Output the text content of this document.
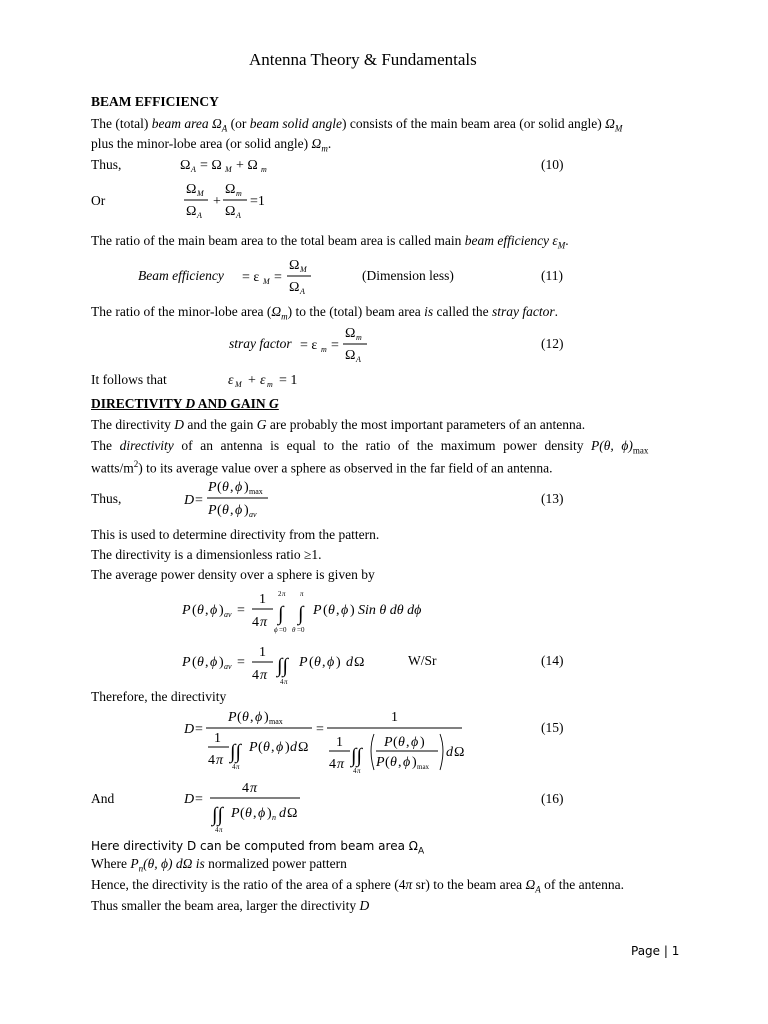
Antenna Theory & Fundamentals
BEAM EFFICIENCY
The (total) beam area $\Omega_A$ (or beam solid angle) consists of the main beam area (or solid angle) $\Omega_M$
plus the minor-lobe area (or solid angle) $\Omega_m$.
Thus,	Ω A = Ω M + Ω m	(10)
Or
Ω M
Ω A
+
Ω m
Ω A
=1
The ratio of the main beam area to the total beam area is called main beam efficiency $\varepsilon_M$.
Beam efficiency = ε M =
Ω M
Ω A
(Dimension less)	(11)
The ratio of the minor-lobe area $(\Omega_m)$ to the (total) beam area is called the stray factor.
stray factor = ε m =
Ω m
Ω A
(12)
It follows that	ε M + ε m = 1
DIRECTIVITY D AND GAIN G
The directivity D and the gain G are probably the most important parameters of an antenna.
The directivity of an antenna is equal to the ratio of the maximum power density P(θ, $\phi)_{max}$
watts/$m^2$) to its average value over a sphere as observed in the far field of an antenna.
Thus,	D =
P ( θ , ϕ ) max
P ( θ , ϕ ) av
(13)
This is used to determine directivity from the pattern.
The directivity is a dimensionless ratio ≥1.
The average power density over a sphere is given by
P ( θ , ϕ ) av =
1
4 π
2 π
∫
ϕ =0
π
∫
θ =0
P ( θ , ϕ ) Sin θ dθ dϕ
P ( θ , ϕ ) av =
1
4 π ∫∫
4 π
P ( θ , ϕ ) d Ω	W/Sr	(14)
Therefore, the directivity
D =
P ( θ , ϕ ) max
1
4 π ∫∫
4 π
P ( θ , ϕ ) d Ω
=
1
1
4 π ∫∫
4 π
P ( θ , ϕ )
P ( θ , ϕ ) max
d Ω
(15)
And	D =
4 π
∫∫
4 π
P ( θ , ϕ ) n d Ω
(16)
Here directivity D can be computed from beam area $\Omega_A$
Where $P_n(\theta$, ϕ) dΩ is normalized power pattern
Hence, the directivity is the ratio of the area of a sphere (4π sr) to the beam area $\Omega_A$ of the antenna.
Thus smaller the beam area, larger the directivity D
Page | 1
